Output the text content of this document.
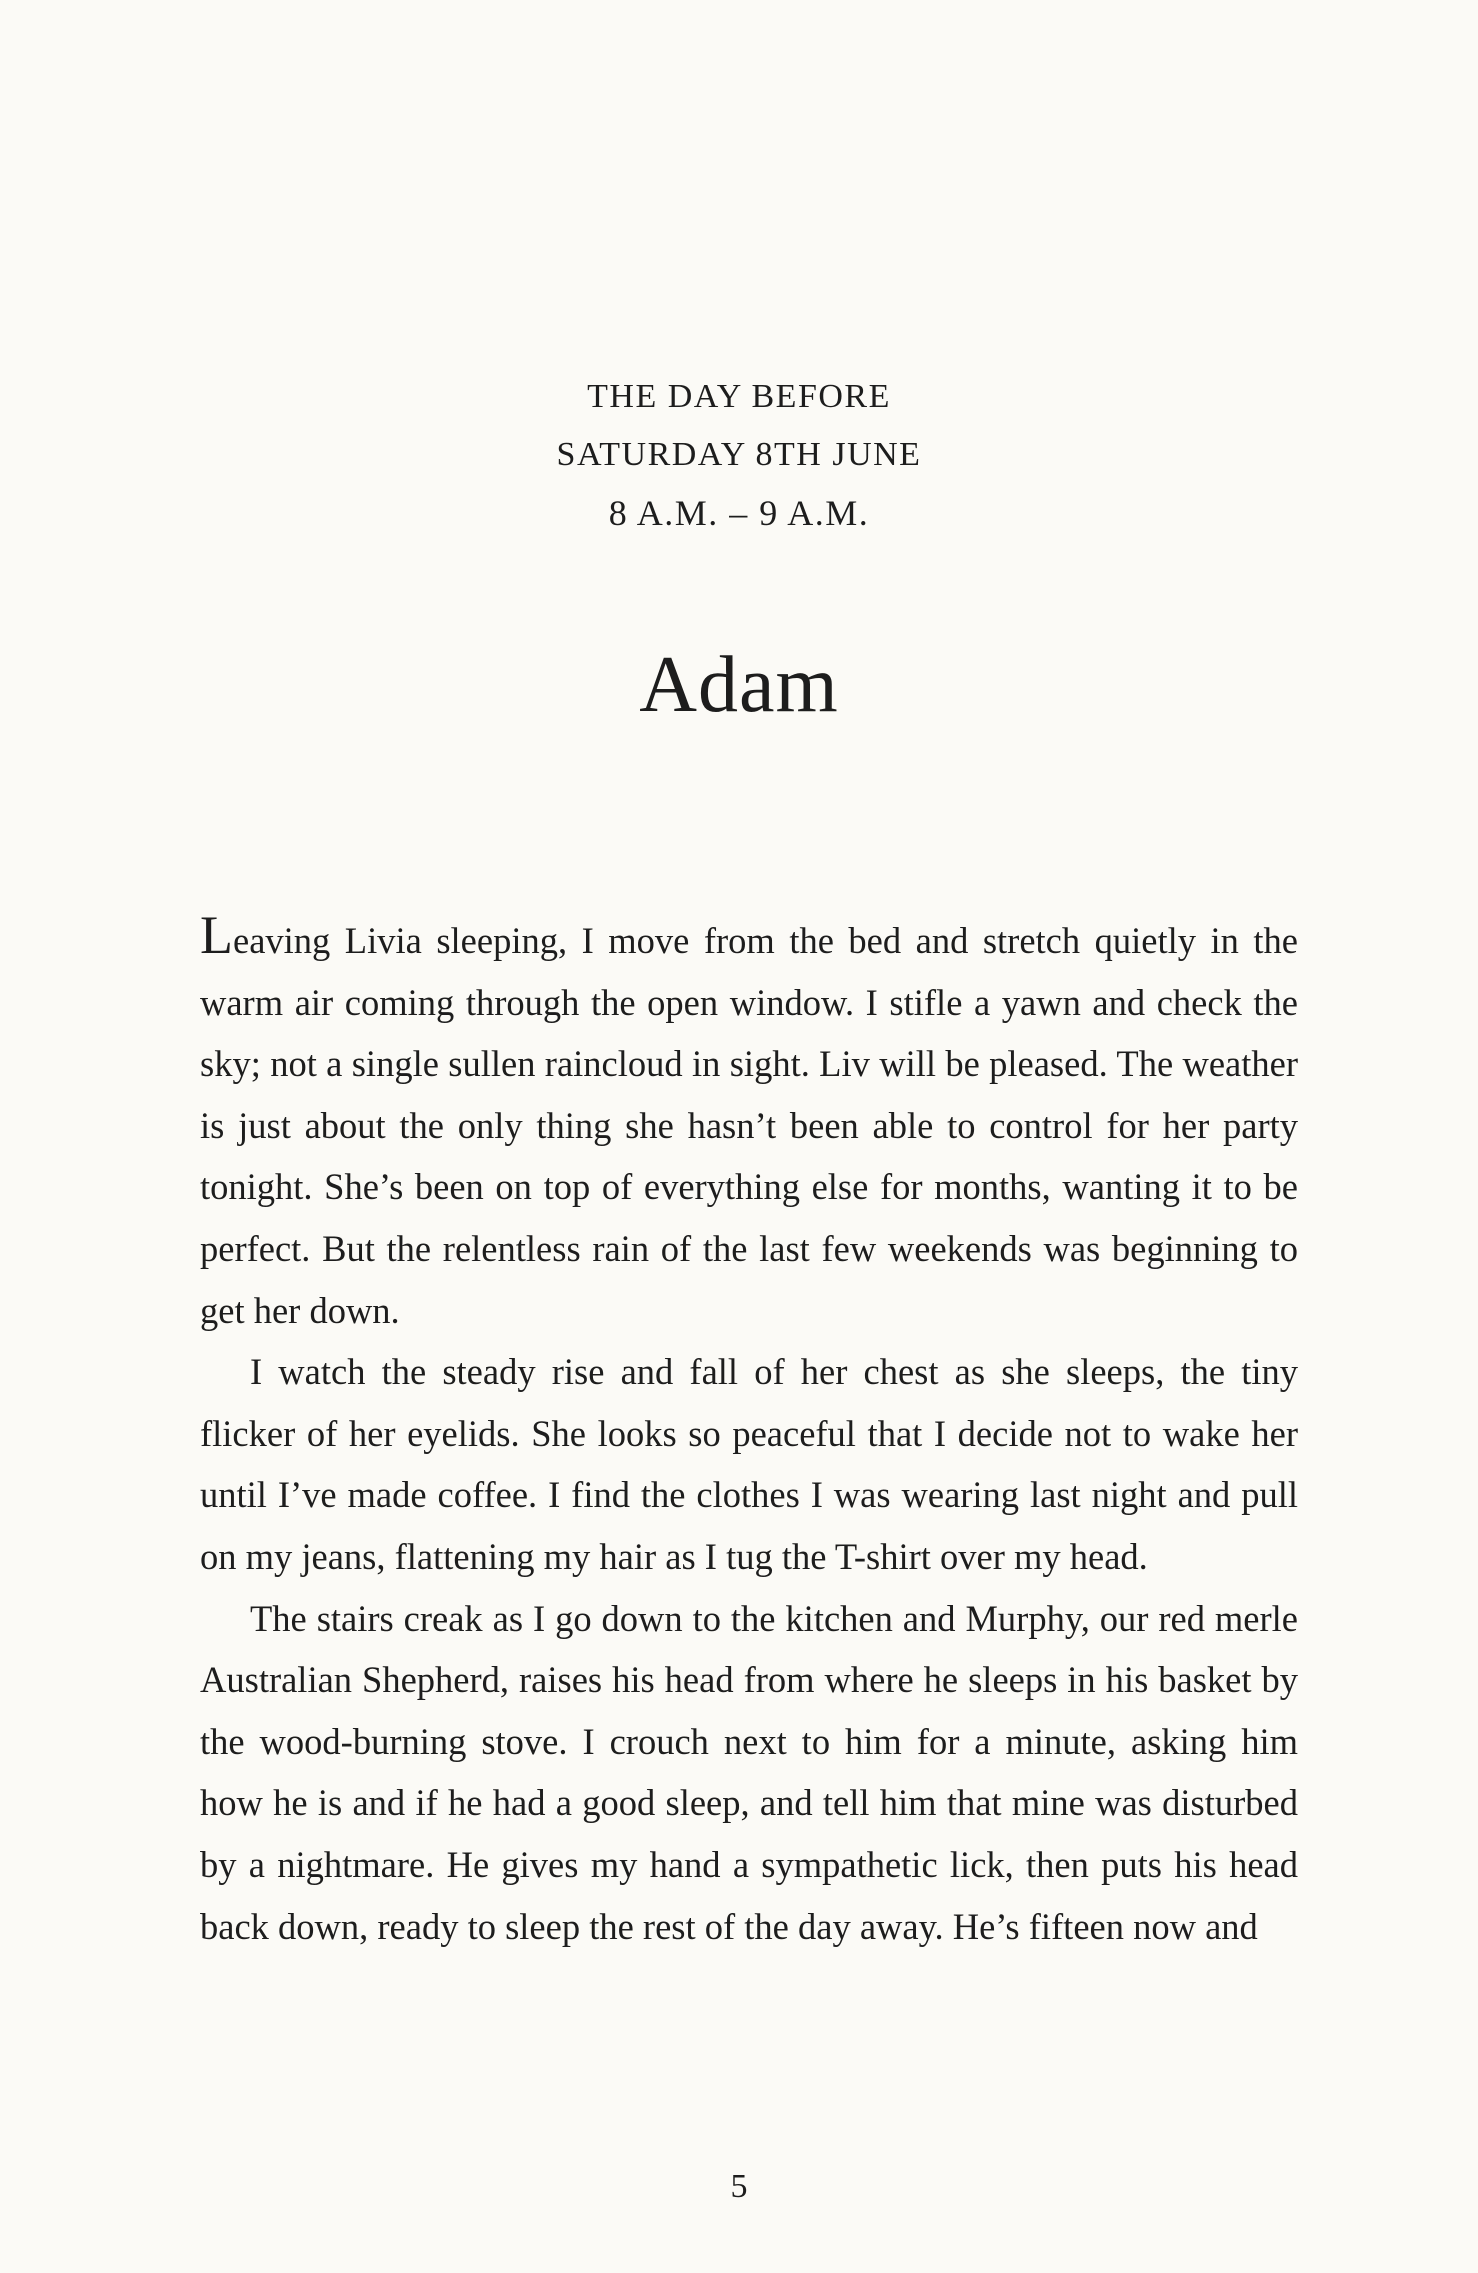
THE DAY BEFORE
SATURDAY 8TH JUNE
8 A.M. – 9 A.M.
Adam

Leaving Livia sleeping, I move from the bed and stretch quietly in the warm air coming through the open window. I stifle a yawn and check the sky; not a single sullen raincloud in sight. Liv will be pleased. The weather is just about the only thing she hasn’t been able to control for her party tonight. She’s been on top of everything else for months, wanting it to be perfect. But the relentless rain of the last few weekends was beginning to get her down.

I watch the steady rise and fall of her chest as she sleeps, the tiny flicker of her eyelids. She looks so peaceful that I decide not to wake her until I’ve made coffee. I find the clothes I was wearing last night and pull on my jeans, flattening my hair as I tug the T-shirt over my head.

The stairs creak as I go down to the kitchen and Murphy, our red merle Australian Shepherd, raises his head from where he sleeps in his basket by the wood-burning stove. I crouch next to him for a minute, asking him how he is and if he had a good sleep, and tell him that mine was disturbed by a nightmare. He gives my hand a sympathetic lick, then puts his head back down, ready to sleep the rest of the day away. He’s fifteen now and

5
